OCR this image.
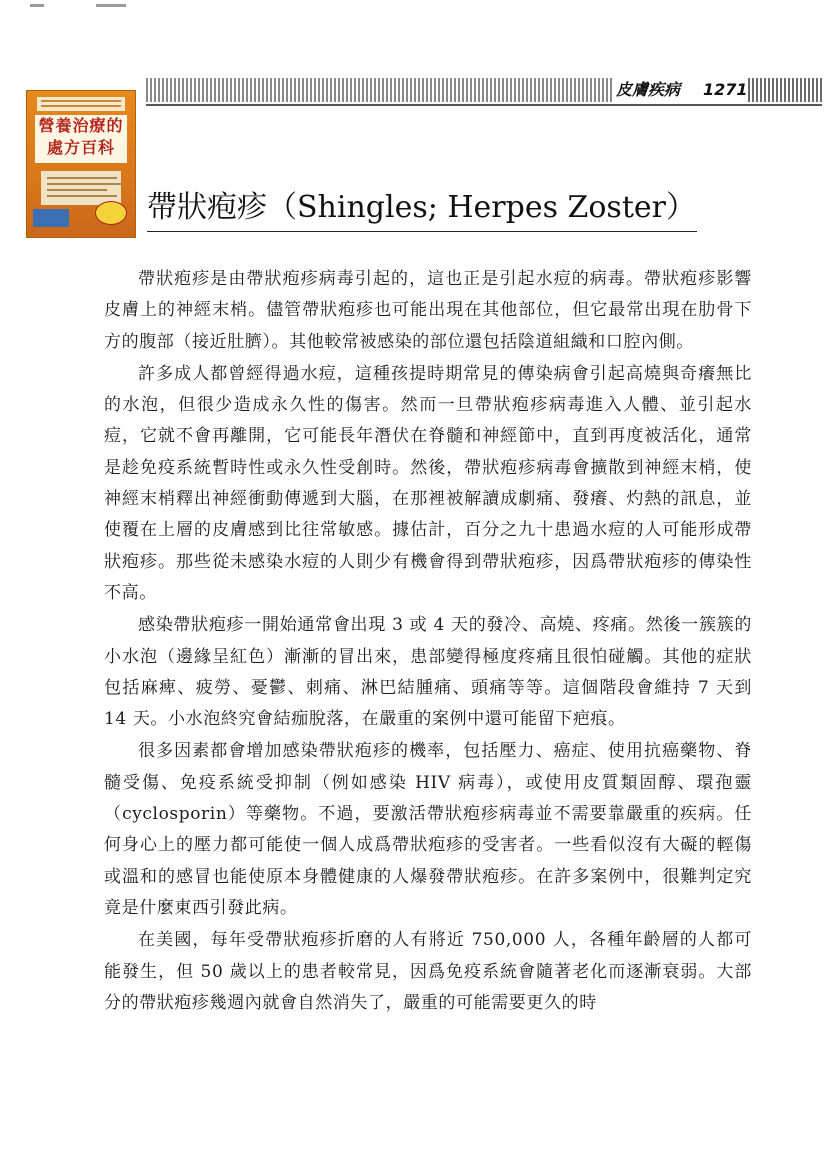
營養治療的
處方百科
皮膚疾病 1271
帶狀疱疹（Shingles; Herpes Zoster）

帶狀疱疹是由帶狀疱疹病毒引起的，這也正是引起水痘的病毒。帶狀疱疹影響皮膚上的神經末梢。儘管帶狀疱疹也可能出現在其他部位，但它最常出現在肋骨下方的腹部（接近肚臍）。其他較常被感染的部位還包括陰道組織和口腔內側。

許多成人都曾經得過水痘，這種孩提時期常見的傳染病會引起高燒與奇癢無比的水泡，但很少造成永久性的傷害。然而一旦帶狀疱疹病毒進入人體、並引起水痘，它就不會再離開，它可能長年潛伏在脊髓和神經節中，直到再度被活化，通常是趁免疫系統暫時性或永久性受創時。然後，帶狀疱疹病毒會擴散到神經末梢，使神經末梢釋出神經衝動傳遞到大腦，在那裡被解讀成劇痛、發癢、灼熱的訊息，並使覆在上層的皮膚感到比往常敏感。據估計，百分之九十患過水痘的人可能形成帶狀疱疹。那些從未感染水痘的人則少有機會得到帶狀疱疹，因爲帶狀疱疹的傳染性不高。

感染帶狀疱疹一開始通常會出現 3 或 4 天的發冷、高燒、疼痛。然後一簇簇的小水泡（邊緣呈紅色）漸漸的冒出來，患部變得極度疼痛且很怕碰觸。其他的症狀包括麻痺、疲勞、憂鬱、刺痛、淋巴結腫痛、頭痛等等。這個階段會維持 7 天到 14 天。小水泡終究會結痂脫落，在嚴重的案例中還可能留下疤痕。

很多因素都會增加感染帶狀疱疹的機率，包括壓力、癌症、使用抗癌藥物、脊髓受傷、免疫系統受抑制（例如感染 HIV 病毒），或使用皮質類固醇、環孢靈（cyclosporin）等藥物。不過，要激活帶狀疱疹病毒並不需要靠嚴重的疾病。任何身心上的壓力都可能使一個人成爲帶狀疱疹的受害者。一些看似沒有大礙的輕傷或溫和的感冒也能使原本身體健康的人爆發帶狀疱疹。在許多案例中，很難判定究竟是什麼東西引發此病。

在美國，每年受帶狀疱疹折磨的人有將近 750,000 人，各種年齡層的人都可能發生，但 50 歲以上的患者較常見，因爲免疫系統會隨著老化而逐漸衰弱。大部分的帶狀疱疹幾週內就會自然消失了，嚴重的可能需要更久的時
